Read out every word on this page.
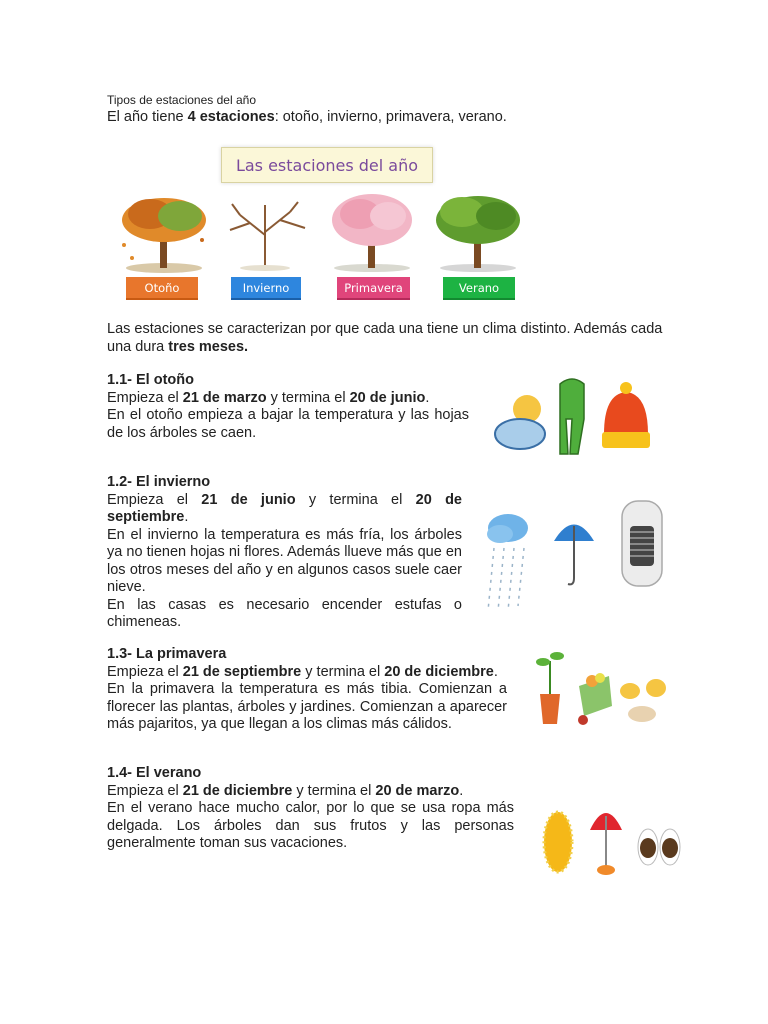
Tipos de estaciones del año
El año tiene 4 estaciones: otoño, invierno, primavera, verano.
Las estaciones del año
Otoño	Invierno	Primavera	Verano
Las estaciones se caracterizan por que cada una tiene un clima distinto. Además cada una dura tres meses.
1.1- El otoño
Empieza el 21 de marzo y termina el 20 de junio.
En el otoño empieza a bajar la temperatura y las hojas de los árboles se caen.
1.2- El invierno
Empieza el 21 de junio y termina el 20 de septiembre.
En el invierno la temperatura es más fría, los árboles ya no tienen hojas ni flores. Además llueve más que en los otros meses del año y en algunos casos suele caer nieve.
En las casas es necesario encender estufas o chimeneas.
1.3- La primavera
Empieza el 21 de septiembre y termina el 20 de diciembre.
En la primavera la temperatura es más tibia. Comienzan a florecer las plantas, árboles y jardines. Comienzan a aparecer más pajaritos, ya que llegan a los climas más cálidos.
1.4- El verano
Empieza el 21 de diciembre y termina el 20 de marzo.
En el verano hace mucho calor, por lo que se usa ropa más delgada. Los árboles dan sus frutos y las personas generalmente toman sus vacaciones.
